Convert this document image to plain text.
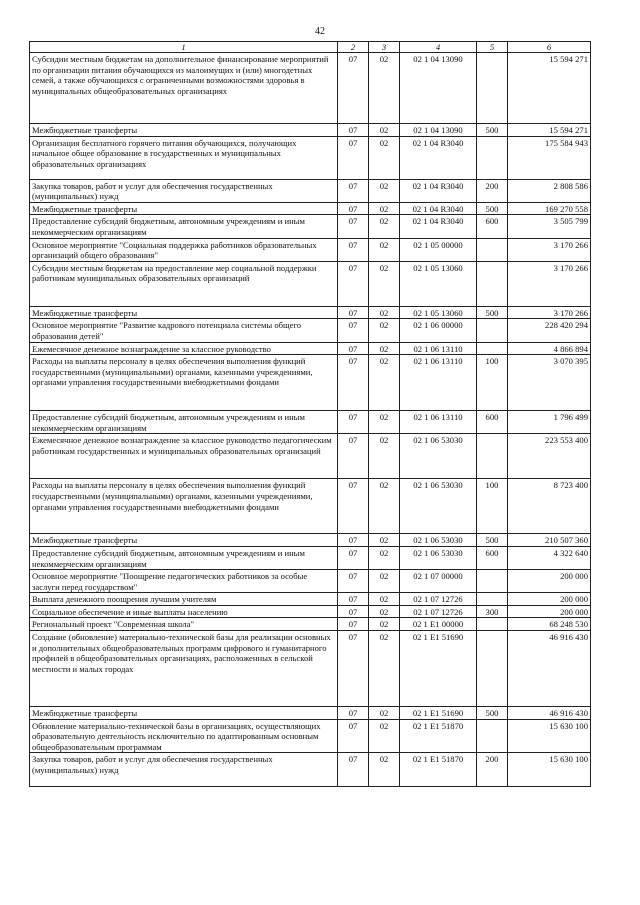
42
1	2	3	4	5	6
Субсидии местным бюджетам на дополнительное финансирование мероприятий по организации питания обучающихся из малоимущих и (или) многодетных семей, а также обучающихся с ограниченными возможностями здоровья в муниципальных общеобразовательных организациях	07	02	02 1 04 13090		15 594 271
Межбюджетные трансферты	07	02	02 1 04 13090	500	15 594 271
Организация бесплатного горячего питания обучающихся, получающих начальное общее образование в государственных и муниципальных образовательных организациях	07	02	02 1 04 R3040		175 584 943
Закупка товаров, работ и услуг для обеспечения государственных (муниципальных) нужд	07	02	02 1 04 R3040	200	2 808 586
Межбюджетные трансферты	07	02	02 1 04 R3040	500	169 270 558
Предоставление субсидий бюджетным, автономным учреждениям и иным некоммерческим организациям	07	02	02 1 04 R3040	600	3 505 799
Основное мероприятие "Социальная поддержка работников образовательных организаций общего образования"	07	02	02 1 05 00000		3 170 266
Субсидии местным бюджетам на предоставление мер социальной поддержки работникам муниципальных образовательных организаций	07	02	02 1 05 13060		3 170 266
Межбюджетные трансферты	07	02	02 1 05 13060	500	3 170 266
Основное мероприятие "Развитие кадрового потенциала системы общего образования детей"	07	02	02 1 06 00000		228 420 294
Ежемесячное денежное вознаграждение за классное руководство	07	02	02 1 06 13110		4 866 894
Расходы на выплаты персоналу в целях обеспечения выполнения функций государственными (муниципальными) органами, казенными учреждениями, органами управления государственными внебюджетными фондами	07	02	02 1 06 13110	100	3 070 395
Предоставление субсидий бюджетным, автономным учреждениям и иным некоммерческим организациям	07	02	02 1 06 13110	600	1 796 499
Ежемесячное денежное вознаграждение за классное руководство педагогическим работникам государственных и муниципальных образовательных организаций	07	02	02 1 06 53030		223 553 400
Расходы на выплаты персоналу в целях обеспечения выполнения функций государственными (муниципальными) органами, казенными учреждениями, органами управления государственными внебюджетными фондами	07	02	02 1 06 53030	100	8 723 400
Межбюджетные трансферты	07	02	02 1 06 53030	500	210 507 360
Предоставление субсидий бюджетным, автономным учреждениям и иным некоммерческим организациям	07	02	02 1 06 53030	600	4 322 640
Основное мероприятие "Поощрение педагогических работников за особые заслуги перед государством"	07	02	02 1 07 00000		200 000
Выплата денежного поощрения лучшим учителям	07	02	02 1 07 12726		200 000
Социальное обеспечение и иные выплаты населению	07	02	02 1 07 12726	300	200 000
Региональный проект "Современная школа"	07	02	02 1 E1 00000		68 248 530
Создание (обновление) материально-технической базы для реализации основных и дополнительных общеобразовательных программ цифрового и гуманитарного профилей в общеобразовательных организациях, расположенных в сельской местности и малых городах	07	02	02 1 E1 51690		46 916 430
Межбюджетные трансферты	07	02	02 1 E1 51690	500	46 916 430
Обновление материально-технической базы в организациях, осуществляющих образовательную деятельность исключительно по адаптированным основным общеобразовательным программам	07	02	02 1 E1 51870		15 630 100
Закупка товаров, работ и услуг для обеспечения государственных (муниципальных) нужд	07	02	02 1 E1 51870	200	15 630 100
